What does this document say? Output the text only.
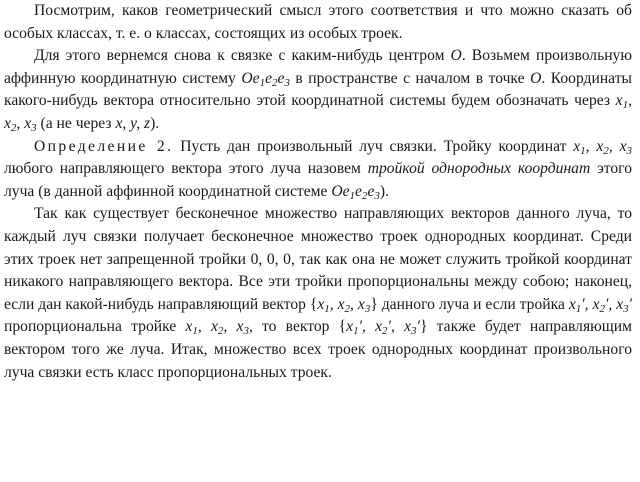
Посмотрим, каков геометрический смысл этого соответствия и что можно сказать об особых классах, т. е. о классах, состоящих из особых троек.

Для этого вернемся снова к связке с каким-нибудь центром O. Возьмем произвольную аффинную координатную систему $Oe_1e_2e_3$ в пространстве с началом в точке O. Координаты какого-нибудь вектора относительно этой координатной системы будем обозначать через $x_1$, $x_2$, $x_3$ (а не через x, y, z).

Определение 2. Пусть дан произвольный луч связки. Тройку координат $x_1$, $x_2$, $x_3$ любого направляющего вектора этого луча назовем тройкой однородных координат этого луча (в данной аффинной координатной системе $Oe_1e_2e_3$).

Так как существует бесконечное множество направляющих векторов данного луча, то каждый луч связки получает бесконечное множество троек однородных координат. Среди этих троек нет запрещенной тройки 0, 0, 0, так как она не может служить тройкой координат никакого направляющего вектора. Все эти тройки пропорциональны между собою; наконец, если дан какой-нибудь направляющий вектор {$x_1$, $x_2$, $x_3$} данного луча и если тройка $x_1'$, $x_2'$, $x_3'$ пропорциональна тройке $x_1$, $x_2$, $x_3$, то вектор {$x_1'$, $x_2'$, $x_3'$} также будет направляющим вектором того же луча. Итак, множество всех троек однородных координат произвольного луча связки есть класс пропорциональных троек.
